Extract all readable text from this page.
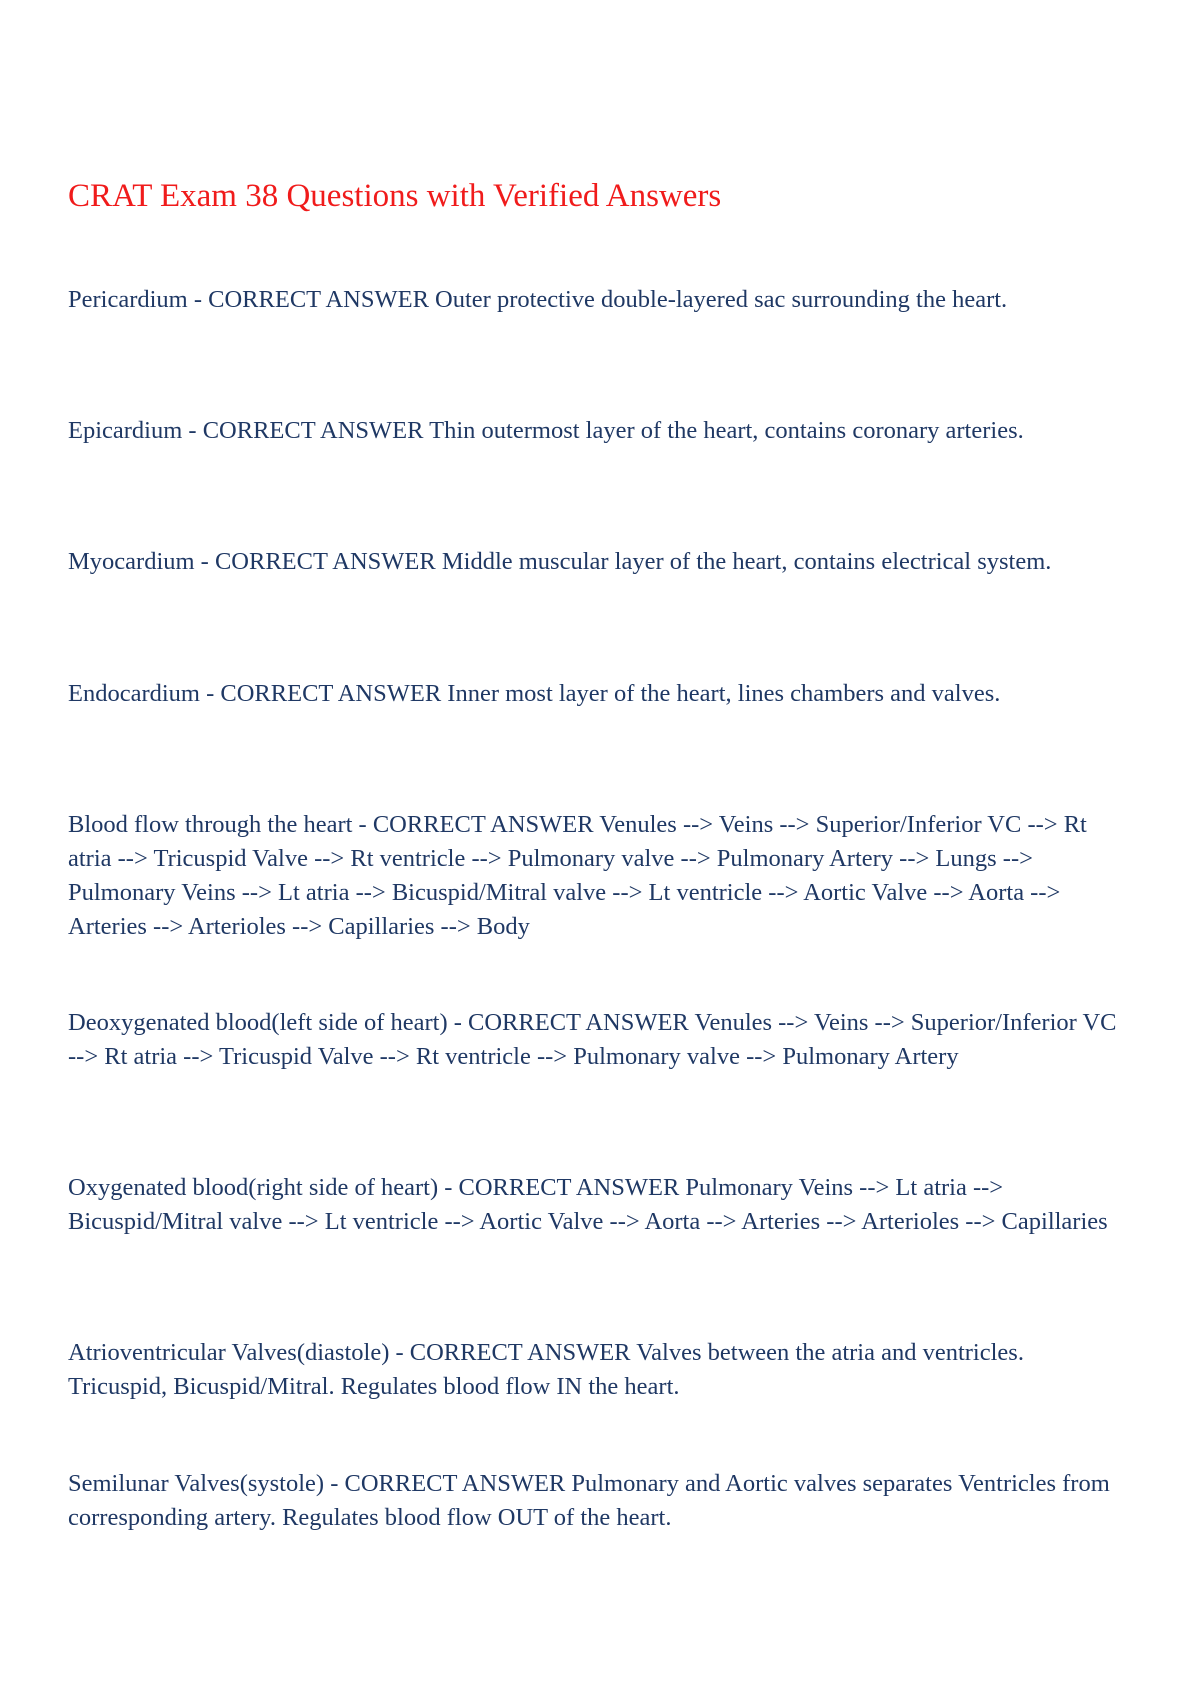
CRAT Exam 38 Questions with Verified Answers

Pericardium - CORRECT ANSWER Outer protective double-layered sac surrounding the heart.

Epicardium - CORRECT ANSWER Thin outermost layer of the heart, contains coronary arteries.

Myocardium - CORRECT ANSWER Middle muscular layer of the heart, contains electrical system.

Endocardium - CORRECT ANSWER Inner most layer of the heart, lines chambers and valves.

Blood flow through the heart - CORRECT ANSWER Venules --> Veins --> Superior/Inferior VC --> Rt atria --> Tricuspid Valve --> Rt ventricle --> Pulmonary valve --> Pulmonary Artery --> Lungs --> Pulmonary Veins --> Lt atria --> Bicuspid/Mitral valve --> Lt ventricle --> Aortic Valve --> Aorta --> Arteries --> Arterioles --> Capillaries --> Body

Deoxygenated blood(left side of heart) - CORRECT ANSWER Venules --> Veins --> Superior/Inferior VC --> Rt atria --> Tricuspid Valve --> Rt ventricle --> Pulmonary valve --> Pulmonary Artery

Oxygenated blood(right side of heart) - CORRECT ANSWER Pulmonary Veins --> Lt atria --> Bicuspid/Mitral valve --> Lt ventricle --> Aortic Valve --> Aorta --> Arteries --> Arterioles --> Capillaries

Atrioventricular Valves(diastole) - CORRECT ANSWER Valves between the atria and ventricles. Tricuspid, Bicuspid/Mitral. Regulates blood flow IN the heart.

Semilunar Valves(systole) - CORRECT ANSWER Pulmonary and Aortic valves separates Ventricles from corresponding artery. Regulates blood flow OUT of the heart.
